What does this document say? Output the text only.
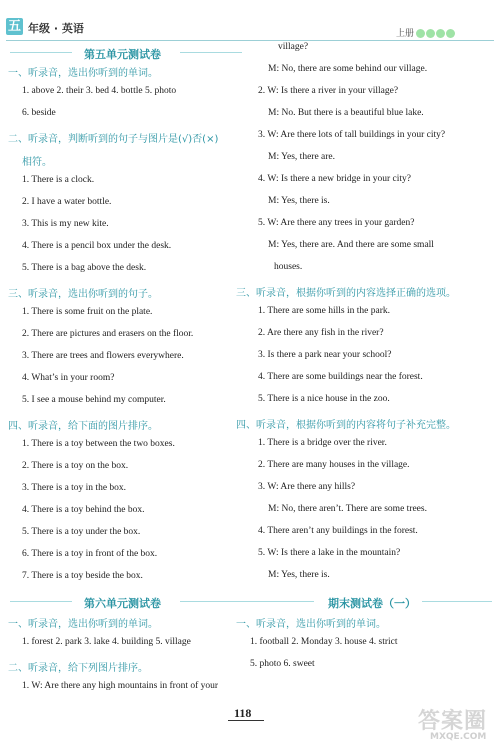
五 年级 · 英语	上册
第五单元测试卷
一、听录音，选出你听到的单词。
1. above 2. their 3. bed 4. bottle 5. photo
6. beside
二、听录音，判断听到的句子与图片是(√)否(×)
相符。
1. There is a clock.
2. I have a water bottle.
3. This is my new kite.
4. There is a pencil box under the desk.
5. There is a bag above the desk.
三、听录音，选出你听到的句子。
1. There is some fruit on the plate.
2. There are pictures and erasers on the floor.
3. There are trees and flowers everywhere.
4. What’s in your room?
5. I see a mouse behind my computer.
四、听录音，给下面的图片排序。
1. There is a toy between the two boxes.
2. There is a toy on the box.
3. There is a toy in the box.
4. There is a toy behind the box.
5. There is a toy under the box.
6. There is a toy in front of the box.
7. There is a toy beside the box.
第六单元测试卷
一、听录音，选出你听到的单词。
1. forest 2. park 3. lake 4. building 5. village
二、听录音，给下列图片排序。
1. W: Are there any high mountains in front of your
village?
M: No, there are some behind our village.
2. W: Is there a river in your village?
M: No. But there is a beautiful blue lake.
3. W: Are there lots of tall buildings in your city?
M: Yes, there are.
4. W: Is there a new bridge in your city?
M: Yes, there is.
5. W: Are there any trees in your garden?
M: Yes, there are. And there are some small
houses.
三、听录音，根据你听到的内容选择正确的选项。
1. There are some hills in the park.
2. Are there any fish in the river?
3. Is there a park near your school?
4. There are some buildings near the forest.
5. There is a nice house in the zoo.
四、听录音，根据你听到的内容将句子补充完整。
1. There is a bridge over the river.
2. There are many houses in the village.
3. W: Are there any hills?
M: No, there aren’t. There are some trees.
4. There aren’t any buildings in the forest.
5. W: Is there a lake in the mountain?
M: Yes, there is.
期末测试卷（一）
一、听录音，选出你听到的单词。
1. football 2. Monday 3. house 4. strict
5. photo 6. sweet
118	答案圈
MXQE.COM
